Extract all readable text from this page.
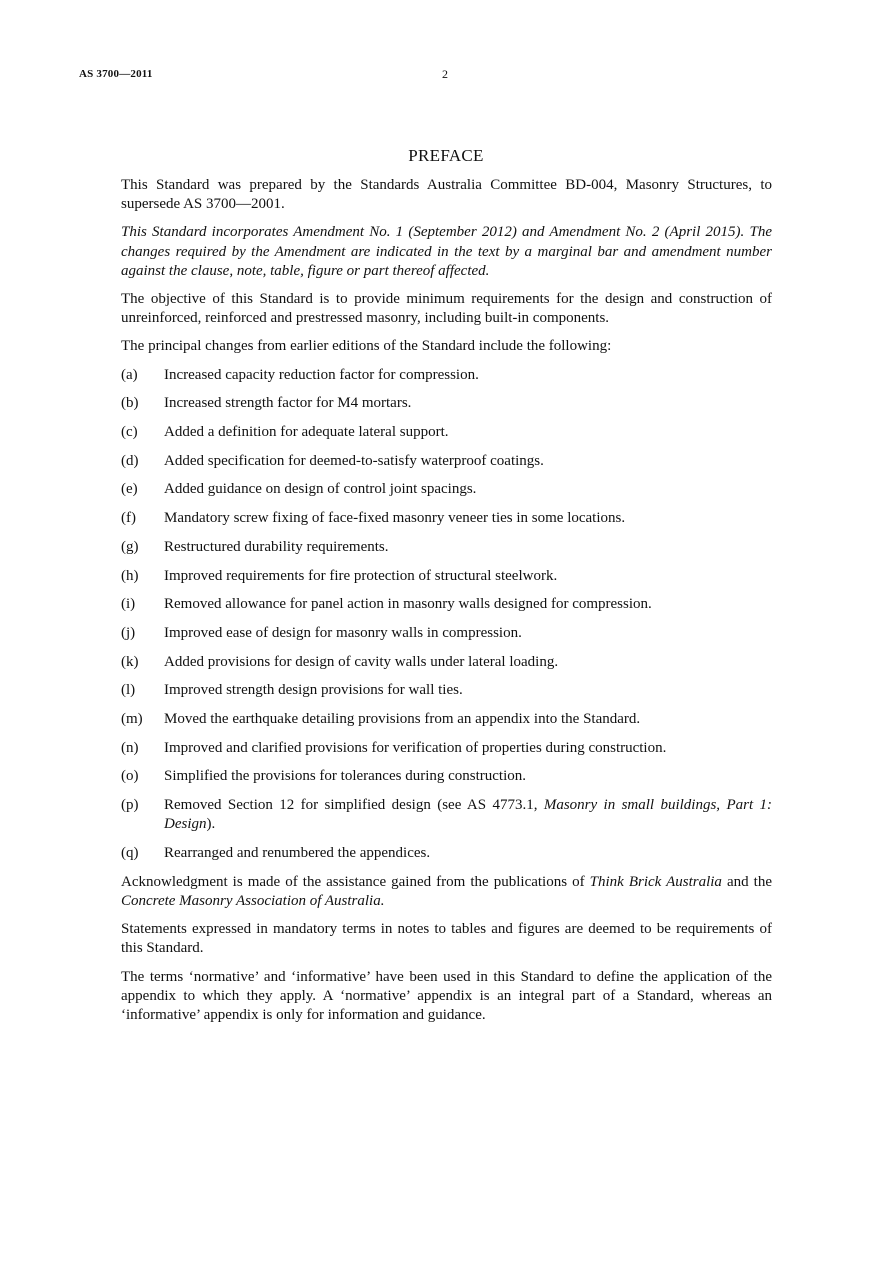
AS 3700—2011	2
PREFACE

This Standard was prepared by the Standards Australia Committee BD-004, Masonry Structures, to supersede AS 3700—2001.

This Standard incorporates Amendment No. 1 (September 2012) and Amendment No. 2 (April 2015). The changes required by the Amendment are indicated in the text by a marginal bar and amendment number against the clause, note, table, figure or part thereof affected.

The objective of this Standard is to provide minimum requirements for the design and construction of unreinforced, reinforced and prestressed masonry, including built-in components.

The principal changes from earlier editions of the Standard include the following:

(a)	Increased capacity reduction factor for compression.
(b)	Increased strength factor for M4 mortars.
(c)	Added a definition for adequate lateral support.
(d)	Added specification for deemed-to-satisfy waterproof coatings.
(e)	Added guidance on design of control joint spacings.
(f)	Mandatory screw fixing of face-fixed masonry veneer ties in some locations.
(g)	Restructured durability requirements.
(h)	Improved requirements for fire protection of structural steelwork.
(i)	Removed allowance for panel action in masonry walls designed for compression.
(j)	Improved ease of design for masonry walls in compression.
(k)	Added provisions for design of cavity walls under lateral loading.
(l)	Improved strength design provisions for wall ties.
(m)	Moved the earthquake detailing provisions from an appendix into the Standard.
(n)	Improved and clarified provisions for verification of properties during construction.
(o)	Simplified the provisions for tolerances during construction.
(p)	Removed Section 12 for simplified design (see AS 4773.1, Masonry in small buildings, Part 1: Design).
(q)	Rearranged and renumbered the appendices.

Acknowledgment is made of the assistance gained from the publications of Think Brick Australia and the Concrete Masonry Association of Australia.

Statements expressed in mandatory terms in notes to tables and figures are deemed to be requirements of this Standard.

The terms ‘normative’ and ‘informative’ have been used in this Standard to define the application of the appendix to which they apply. A ‘normative’ appendix is an integral part of a Standard, whereas an ‘informative’ appendix is only for information and guidance.
